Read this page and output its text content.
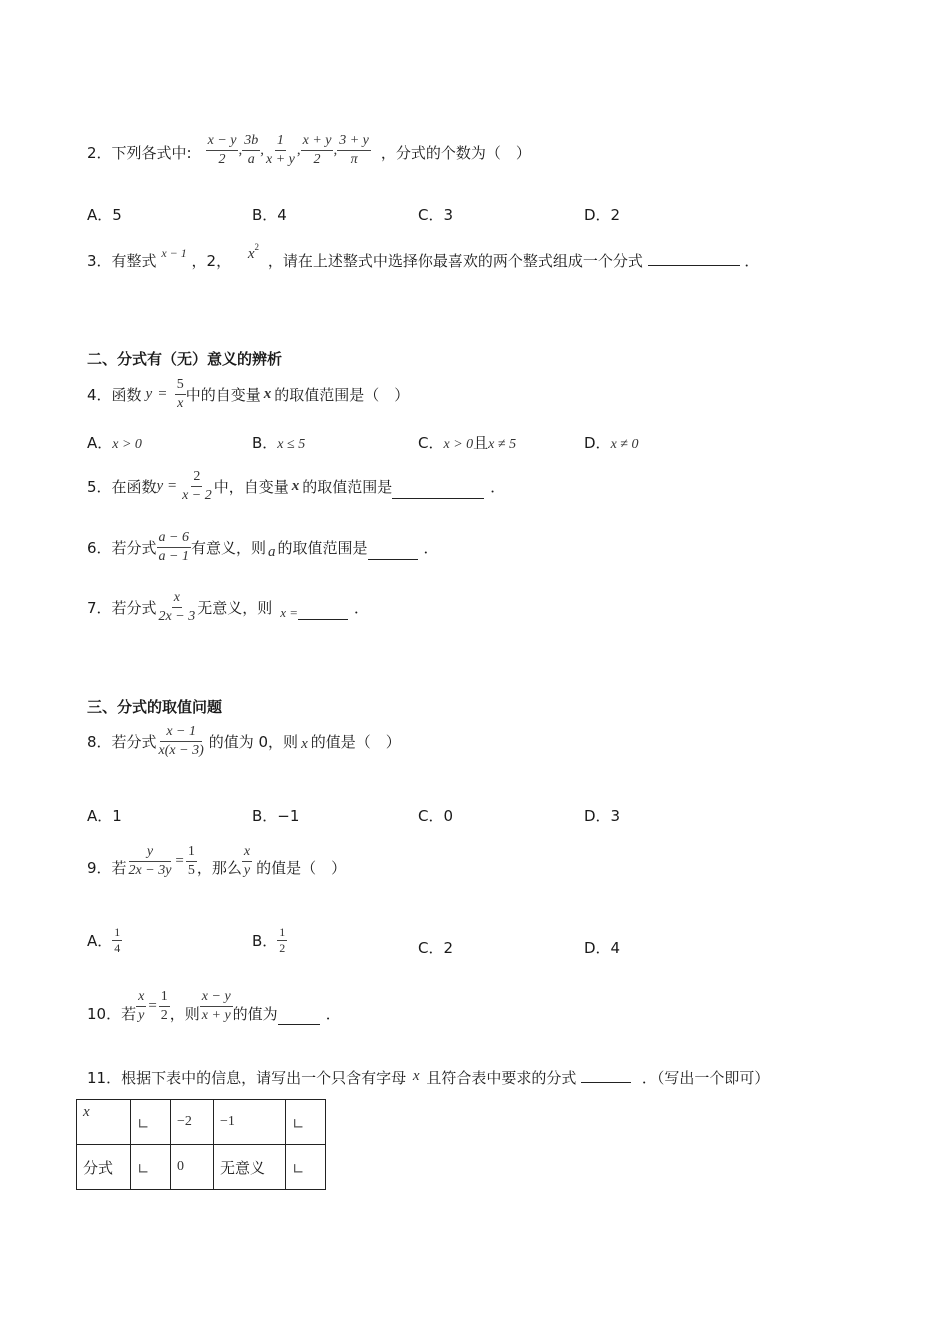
2．下列各式中: $\frac{x - y}{2}$ , $\frac{3b}{a}$ , $\frac{1}{x + y}$ , $\frac{x + y}{2}$ , $\frac{3 + y}{\pi}$ ，分式的个数为（　）
A．5	B．4	C．3	D．2
3．有整式 $^{x - 1}$ ，2， $x^2$ ，请在上述整式中选择你最喜欢的两个整式组成一个分式	．
二、分式有（无）意义的辨析
4．函数 $y = \frac{5}{x}$ 中的自变量 x 的取值范围是（　）
A．x > 0	B．x ≤ 5	C．x > 0且x ≠ 5	D．x ≠ 0
5．在函数 $y = \frac{2}{x - 2}$ 中，自变量 x 的取值范围是	．
6．若分式 $\frac{a - 6}{a - 1}$ 有意义，则 a 的取值范围是	．
7．若分式 $\frac{x}{2x - 3}$ 无意义，则 x =	．
三、分式的取值问题
8．若分式 $\frac{x - 1}{x(x - 3)}$ 的值为 0，则 x 的值是（　）
A．1	B．−1	C．0	D．3
9．若 $\frac{y}{2x - 3y} = \frac{1}{5}$ ，那么 $\frac{x}{y}$ 的值是（　）
A． $\frac{1}{4}$	B． $\frac{1}{2}$	C．2	D．4
10．若 $\frac{x}{y} = \frac{1}{2}$ ，则 $\frac{x - y}{x + y}$ 的值为	．
11．根据下表中的信息，请写出一个只含有字母 x 且符合表中要求的分式	．（写出一个即可）
x	∟	−2	−1	∟
分式	∟	0	无意义	∟
